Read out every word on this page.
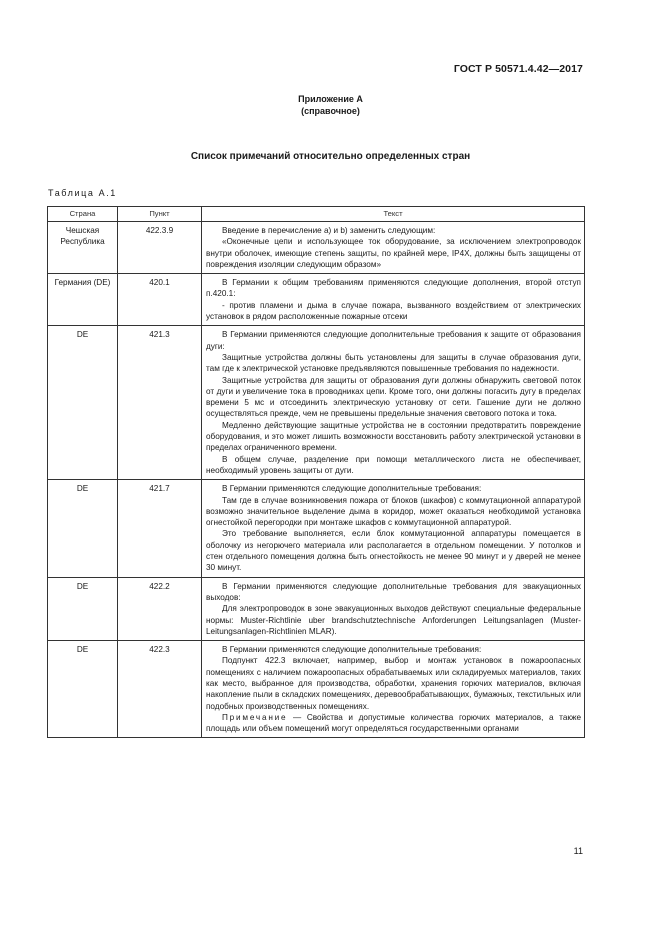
ГОСТ Р 50571.4.42—2017
Приложение А
(справочное)
Список примечаний относительно определенных стран
Таблица А.1
Страна	Пункт	Текст
Чешская Республика	422.3.9	Введение в перечисление a) и b) заменить следующим:
«Оконечные цепи и использующее ток оборудование, за исключением электропроводок внутри оболочек, имеющие степень защиты, по крайней мере, IP4X, должны быть защищены от повреждения изоляции следующим образом»

Германия (DE)	420.1	В Германии к общим требованиям применяются следующие дополнения, второй отступ п.420.1:
- против пламени и дыма в случае пожара, вызванного воздействием от электрических установок в рядом расположенные пожарные отсеки

DE	421.3	В Германии применяются следующие дополнительные требования к защите от образования дуги:
Защитные устройства должны быть установлены для защиты в случае образования дуги, там где к электрической установке предъявляются повышенные требования по надежности.
Защитные устройства для защиты от образования дуги должны обнаружить световой поток от дуги и увеличение тока в проводниках цепи. Кроме того, они должны погасить дугу в пределах времени 5 мс и отсоединить электрическую установку от сети. Гашение дуги не должно осуществляться прежде, чем не превышены предельные значения светового потока и тока.
Медленно действующие защитные устройства не в состоянии предотвратить повреждение оборудования, и это может лишить возможности восстановить работу электрической установки в пределах ограниченного времени.
В общем случае, разделение при помощи металлического листа не обеспечивает, необходимый уровень защиты от дуги.

DE	421.7	В Германии применяются следующие дополнительные требования:
Там где в случае возникновения пожара от блоков (шкафов) с коммутационной аппаратурой возможно значительное выделение дыма в коридор, может оказаться необходимой установка огнестойкой перегородки при монтаже шкафов с коммутационной аппаратурой.
Это требование выполняется, если блок коммутационной аппаратуры помещается в оболочку из негорючего материала или располагается в отдельном помещении. У потолков и стен отдельного помещения должна быть огнестойкость не менее 90 минут и у дверей не менее 30 минут.

DE	422.2	В Германии применяются следующие дополнительные требования для эвакуационных выходов:
Для электропроводок в зоне эвакуационных выходов действуют специальные федеральные нормы: Muster-Richtlinie uber brandschutztechnische Anforderungen Leitungsanlagen (Muster- Leitungsanlagen-Richtlinien MLAR).

DE	422.3	В Германии применяются следующие дополнительные требования:
Подпункт 422.3 включает, например, выбор и монтаж установок в пожароопасных помещениях с наличием пожароопасных обрабатываемых или складируемых материалов, таких как место, выбранное для производства, обработки, хранения горючих материалов, включая накопление пыли в складских помещениях, деревообрабатывающих, бумажных, текстильных или подобных производственных помещениях.
Примечание — Свойства и допустимые количества горючих материалов, а также площадь или объем помещений могут определяться государственными органами
11
